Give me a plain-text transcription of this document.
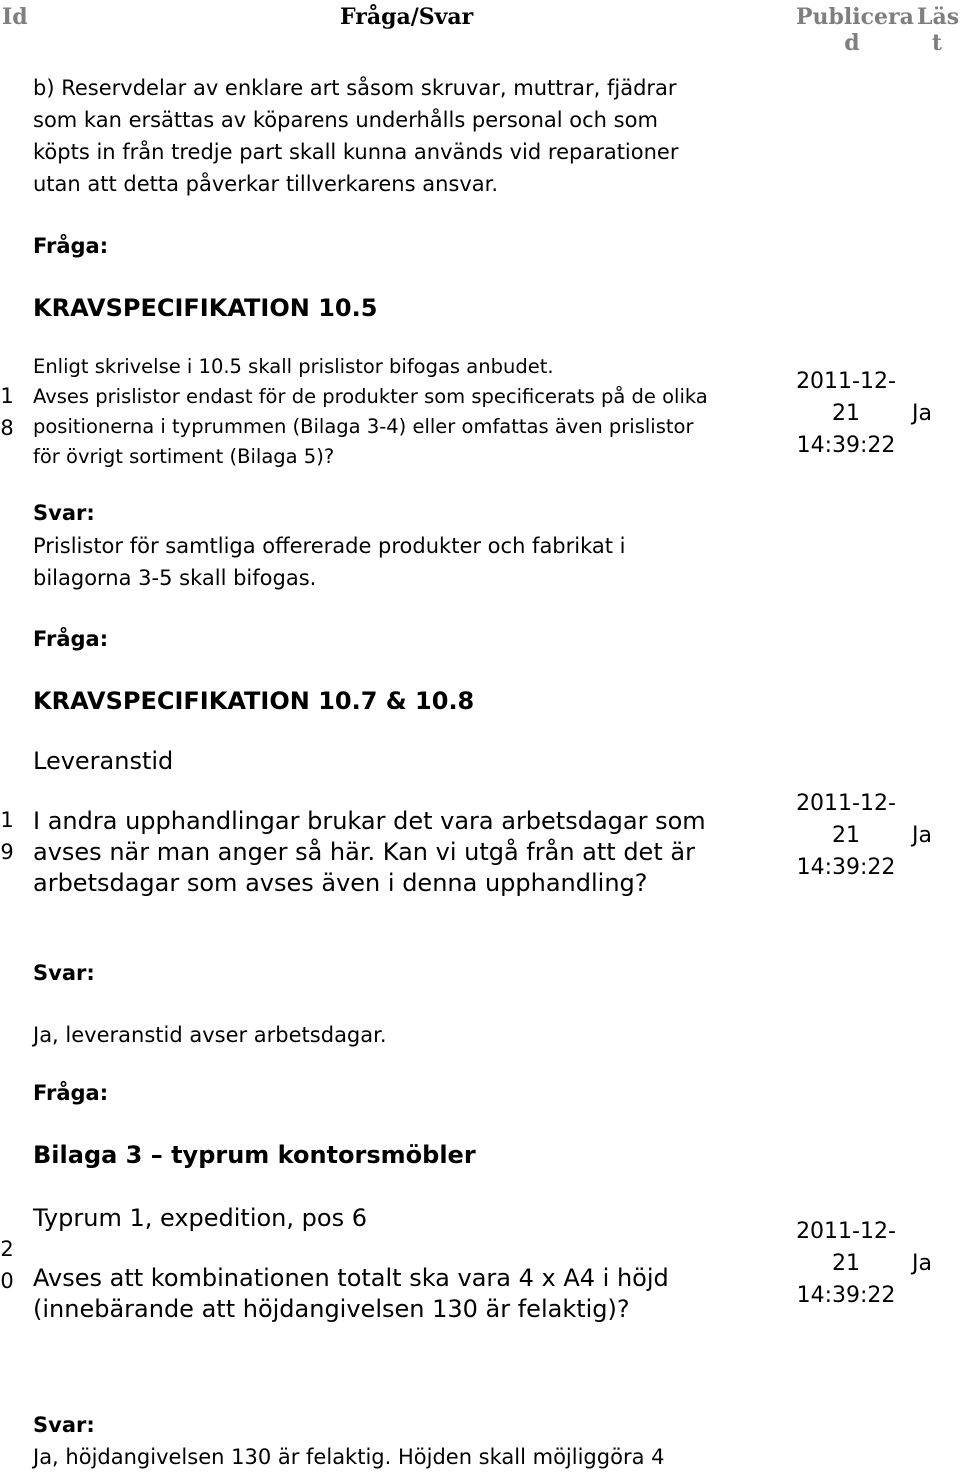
Id	Fråga/Svar	Publicera
d
Läs
t
b) Reservdelar av enklare art såsom skruvar, muttrar, fjädrar
som kan ersättas av köparens underhålls personal och som
köpts in från tredje part skall kunna används vid reparationer
utan att detta påverkar tillverkarens ansvar.
Fråga:
KRAVSPECIFIKATION 10.5
Enligt skrivelse i 10.5 skall prislistor bifogas anbudet.
Avses prislistor endast för de produkter som specificerats på de olika
positionerna i typrummen (Bilaga 3-4) eller omfattas även prislistor
för övrigt sortiment (Bilaga 5)?
1
8
2011-12-
21
14:39:22
Ja
Svar:
Prislistor för samtliga offererade produkter och fabrikat i
bilagorna 3-5 skall bifogas.
Fråga:
KRAVSPECIFIKATION 10.7 & 10.8
Leveranstid
I andra upphandlingar brukar det vara arbetsdagar som
avses när man anger så här. Kan vi utgå från att det är
arbetsdagar som avses även i denna upphandling?
1
9
2011-12-
21
14:39:22
Ja
Svar:
Ja, leveranstid avser arbetsdagar.
Fråga:
Bilaga 3 – typrum kontorsmöbler
Typrum 1, expedition, pos 6
Avses att kombinationen totalt ska vara 4 x A4 i höjd
(innebärande att höjdangivelsen 130 är felaktig)?
2
0
2011-12-
21
14:39:22
Ja
Svar:
Ja, höjdangivelsen 130 är felaktig. Höjden skall möjliggöra 4
